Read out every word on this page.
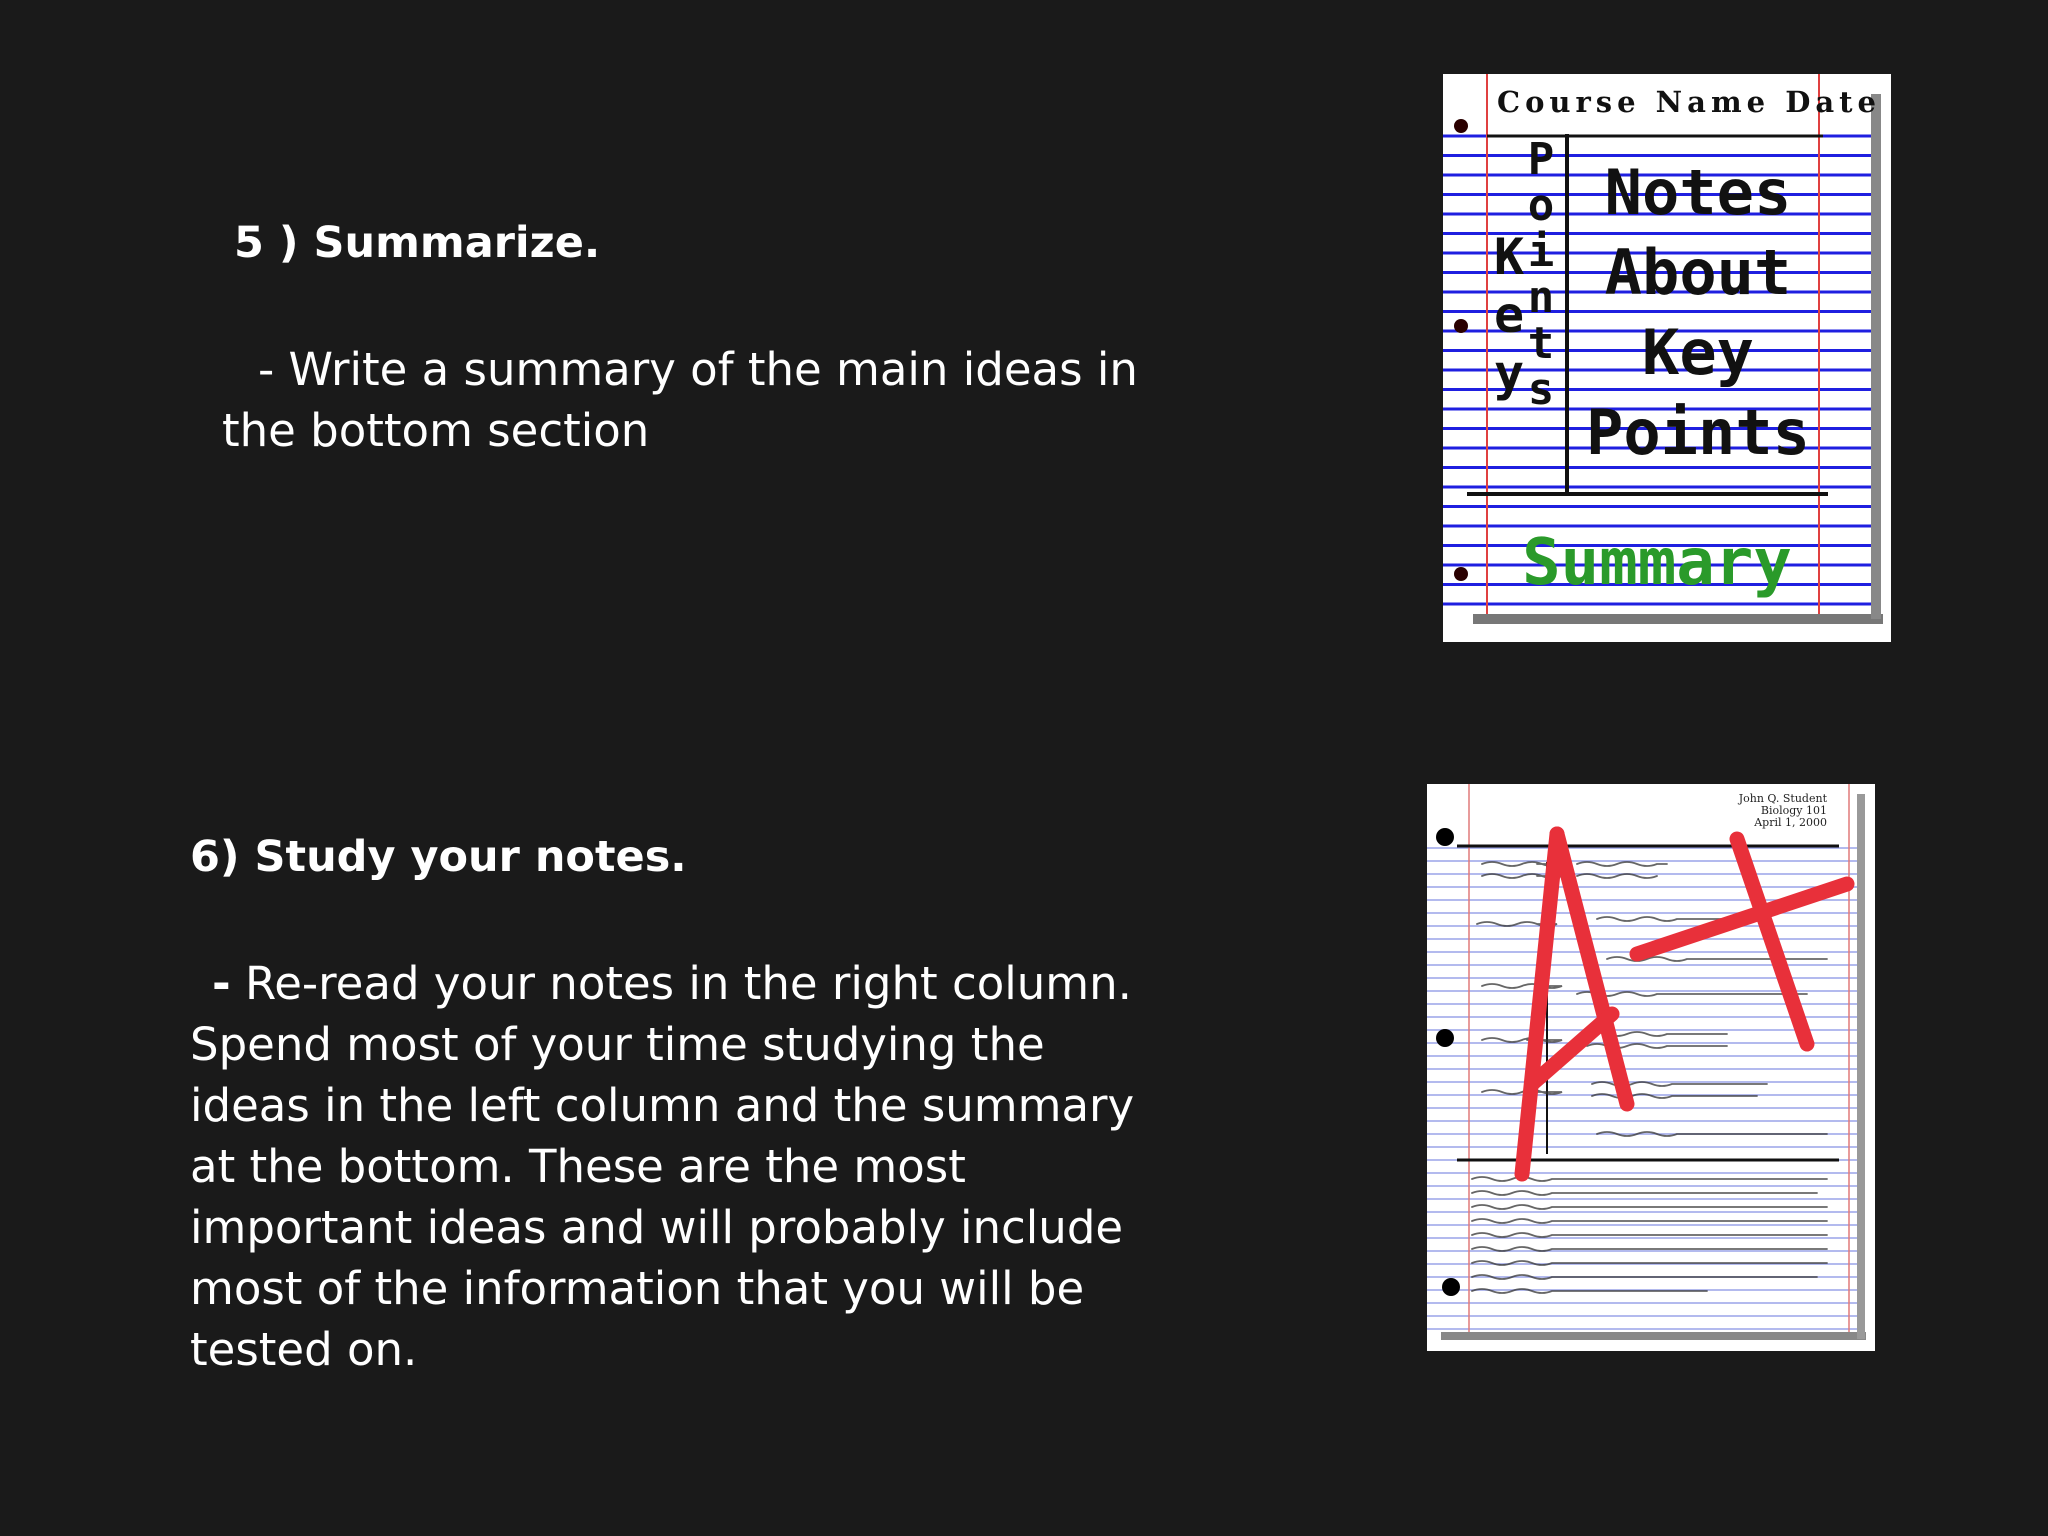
5 ) Summarize.

- Write a summary of the main ideas in the bottom section

6) Study your notes.

- Re-read your notes in the right column. Spend most of your time studying the ideas in the left column and the summary at the bottom. These are the most important ideas and will probably include most of the information that you will be tested on.

Course Name Date
P
o
i
n
t
s
K
e
y
Notes
About
Key
Points
Summary
John Q. Student
Biology 101
April 1, 2000
